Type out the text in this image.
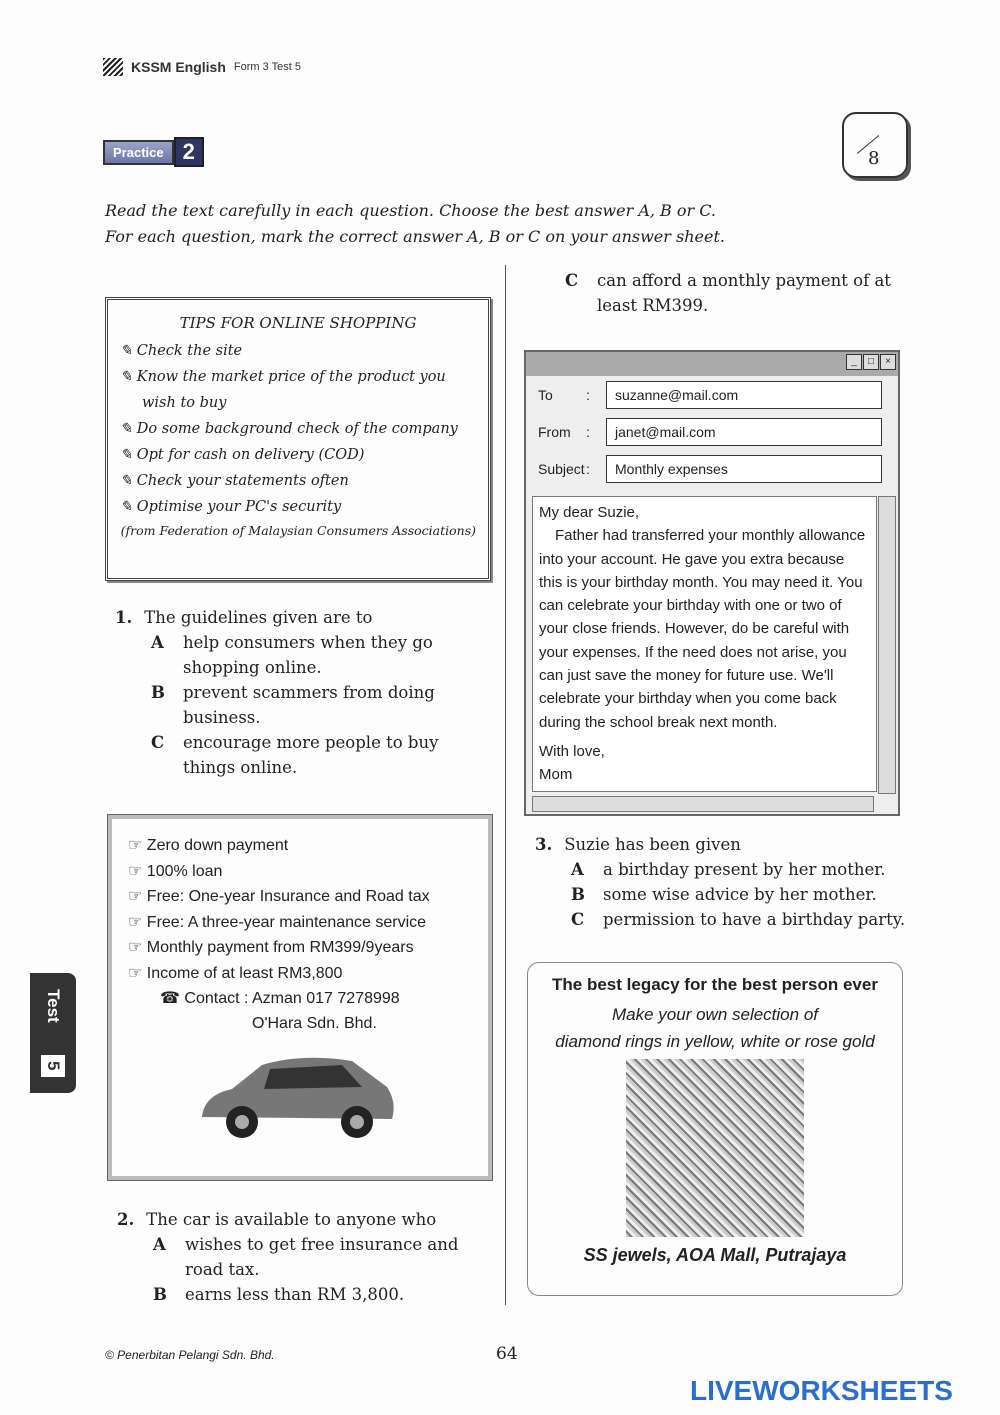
KSSM English Form 3 Test 5
Practice 2	8
Read the text carefully in each question. Choose the best answer A, B or C.
For each question, mark the correct answer A, B or C on your answer sheet.
TIPS FOR ONLINE SHOPPING
✎ Check the site
✎ Know the market price of the product you wish to buy
✎ Do some background check of the company
✎ Opt for cash on delivery (COD)
✎ Check your statements often
✎ Optimise your PC's security
(from Federation of Malaysian Consumers Associations)
1. The guidelines given are to
A help consumers when they go shopping online.
B prevent scammers from doing business.
C encourage more people to buy things online.
☞ Zero down payment
☞ 100% loan
☞ Free: One-year Insurance and Road tax
☞ Free: A three-year maintenance service
☞ Monthly payment from RM399/9years
☞ Income of at least RM3,800
☎ Contact : Azman 017 7278998
O'Hara Sdn. Bhd.
2. The car is available to anyone who
A wishes to get free insurance and road tax.
B earns less than RM 3,800.
C can afford a monthly payment of at least RM399.
_	□	×
To	:	suzanne@mail.com
From	:	janet@mail.com
Subject :	Monthly expenses
My dear Suzie,
Father had transferred your monthly allowance into your account. He gave you extra because this is your birthday month. You may need it. You can celebrate your birthday with one or two of your close friends. However, do be careful with your expenses. If the need does not arise, you can just save the money for future use. We'll celebrate your birthday when you come back during the school break next month.
With love,
Mom
3. Suzie has been given
A a birthday present by her mother.
B some wise advice by her mother.
C permission to have a birthday party.
The best legacy for the best person ever
Make your own selection of
diamond rings in yellow, white or rose gold
SS jewels, AOA Mall, Putrajaya
Test
5
© Penerbitan Pelangi Sdn. Bhd.	64
LIVEWORKSHEETS
